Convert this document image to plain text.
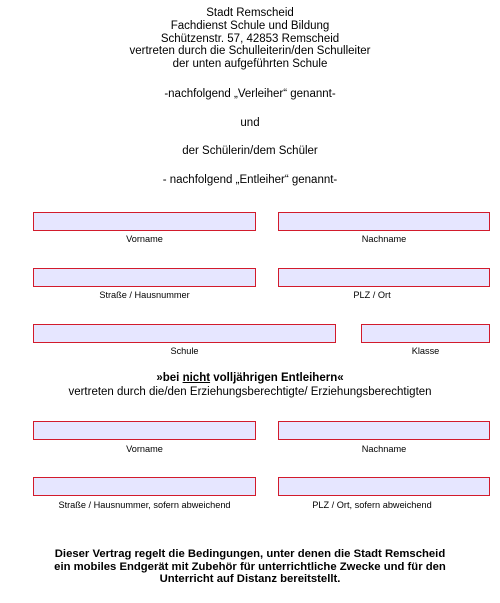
Stadt Remscheid
Fachdienst Schule und Bildung
Schützenstr. 57, 42853 Remscheid
vertreten durch die Schulleiterin/den Schulleiter
der unten aufgeführten Schule
-nachfolgend „Verleiher“ genannt-
und
der Schülerin/dem Schüler
- nachfolgend „Entleiher“ genannt-
Vorname	Nachname
Straße / Hausnummer	PLZ / Ort
Schule	Klasse
»bei nicht volljährigen Entleihern«
vertreten durch die/den Erziehungsberechtigte/ Erziehungsberechtigten
Vorname	Nachname
Straße / Hausnummer, sofern abweichend	PLZ / Ort, sofern abweichend
Dieser Vertrag regelt die Bedingungen, unter denen die Stadt Remscheid
ein mobiles Endgerät mit Zubehör für unterrichtliche Zwecke und für den
Unterricht auf Distanz bereitstellt.
